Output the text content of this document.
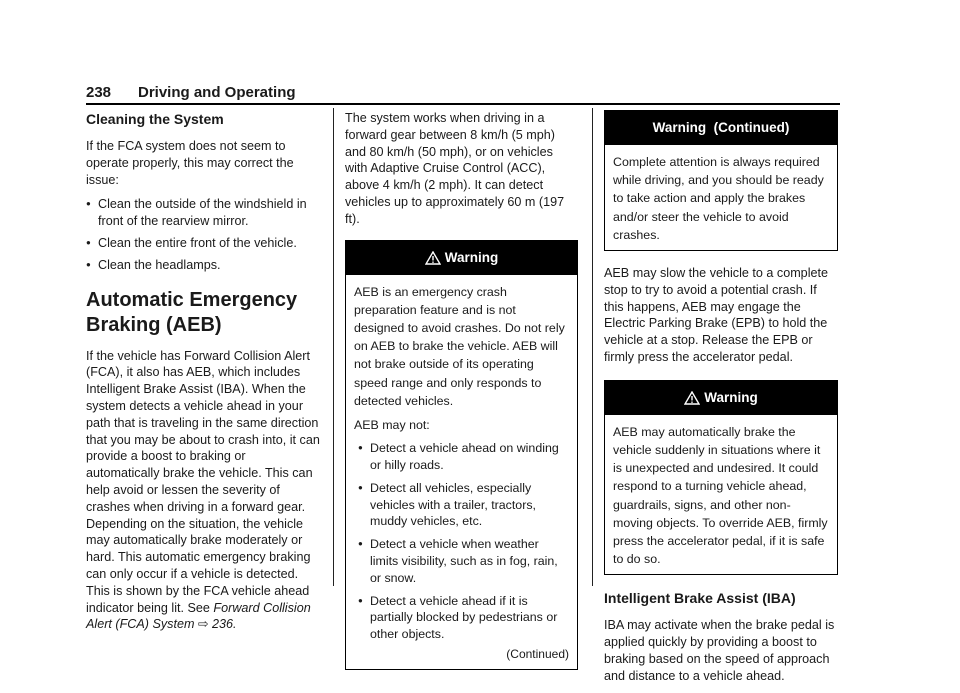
238 Driving and Operating
Cleaning the System

If the FCA system does not seem to operate properly, this may correct the issue:

● Clean the outside of the windshield in front of the rearview mirror.
● Clean the entire front of the vehicle.
● Clean the headlamps.
Automatic Emergency
Braking (AEB)

If the vehicle has Forward Collision Alert (FCA), it also has AEB, which includes Intelligent Brake Assist (IBA). When the system detects a vehicle ahead in your path that is traveling in the same direction that you may be about to crash into, it can provide a boost to braking or automatically brake the vehicle. This can help avoid or lessen the severity of crashes when driving in a forward gear. Depending on the situation, the vehicle may automatically brake moderately or hard. This automatic emergency braking can only occur if a vehicle is detected. This is shown by the FCA vehicle ahead indicator being lit. See Forward Collision Alert (FCA) System ⇨ 236.

The system works when driving in a forward gear between 8 km/h (5 mph) and 80 km/h (50 mph), or on vehicles with Adaptive Cruise Control (ACC), above 4 km/h (2 mph). It can detect vehicles up to approximately 60 m (197 ft).

Warning

AEB is an emergency crash preparation feature and is not designed to avoid crashes. Do not rely on AEB to brake the vehicle. AEB will not brake outside of its operating speed range and only responds to detected vehicles.

AEB may not:

● Detect a vehicle ahead on winding or hilly roads.
● Detect all vehicles, especially vehicles with a trailer, tractors, muddy vehicles, etc.
● Detect a vehicle when weather limits visibility, such as in fog, rain, or snow.
● Detect a vehicle ahead if it is partially blocked by pedestrians or other objects.
(Continued)
Warning  (Continued)

Complete attention is always required while driving, and you should be ready to take action and apply the brakes and/or steer the vehicle to avoid crashes.

AEB may slow the vehicle to a complete stop to try to avoid a potential crash. If this happens, AEB may engage the Electric Parking Brake (EPB) to hold the vehicle at a stop. Release the EPB or firmly press the accelerator pedal.

Warning

AEB may automatically brake the vehicle suddenly in situations where it is unexpected and undesired. It could respond to a turning vehicle ahead, guardrails, signs, and other non-moving objects. To override AEB, firmly press the accelerator pedal, if it is safe to do so.

Intelligent Brake Assist (IBA)

IBA may activate when the brake pedal is applied quickly by providing a boost to braking based on the speed of approach and distance to a vehicle ahead.
